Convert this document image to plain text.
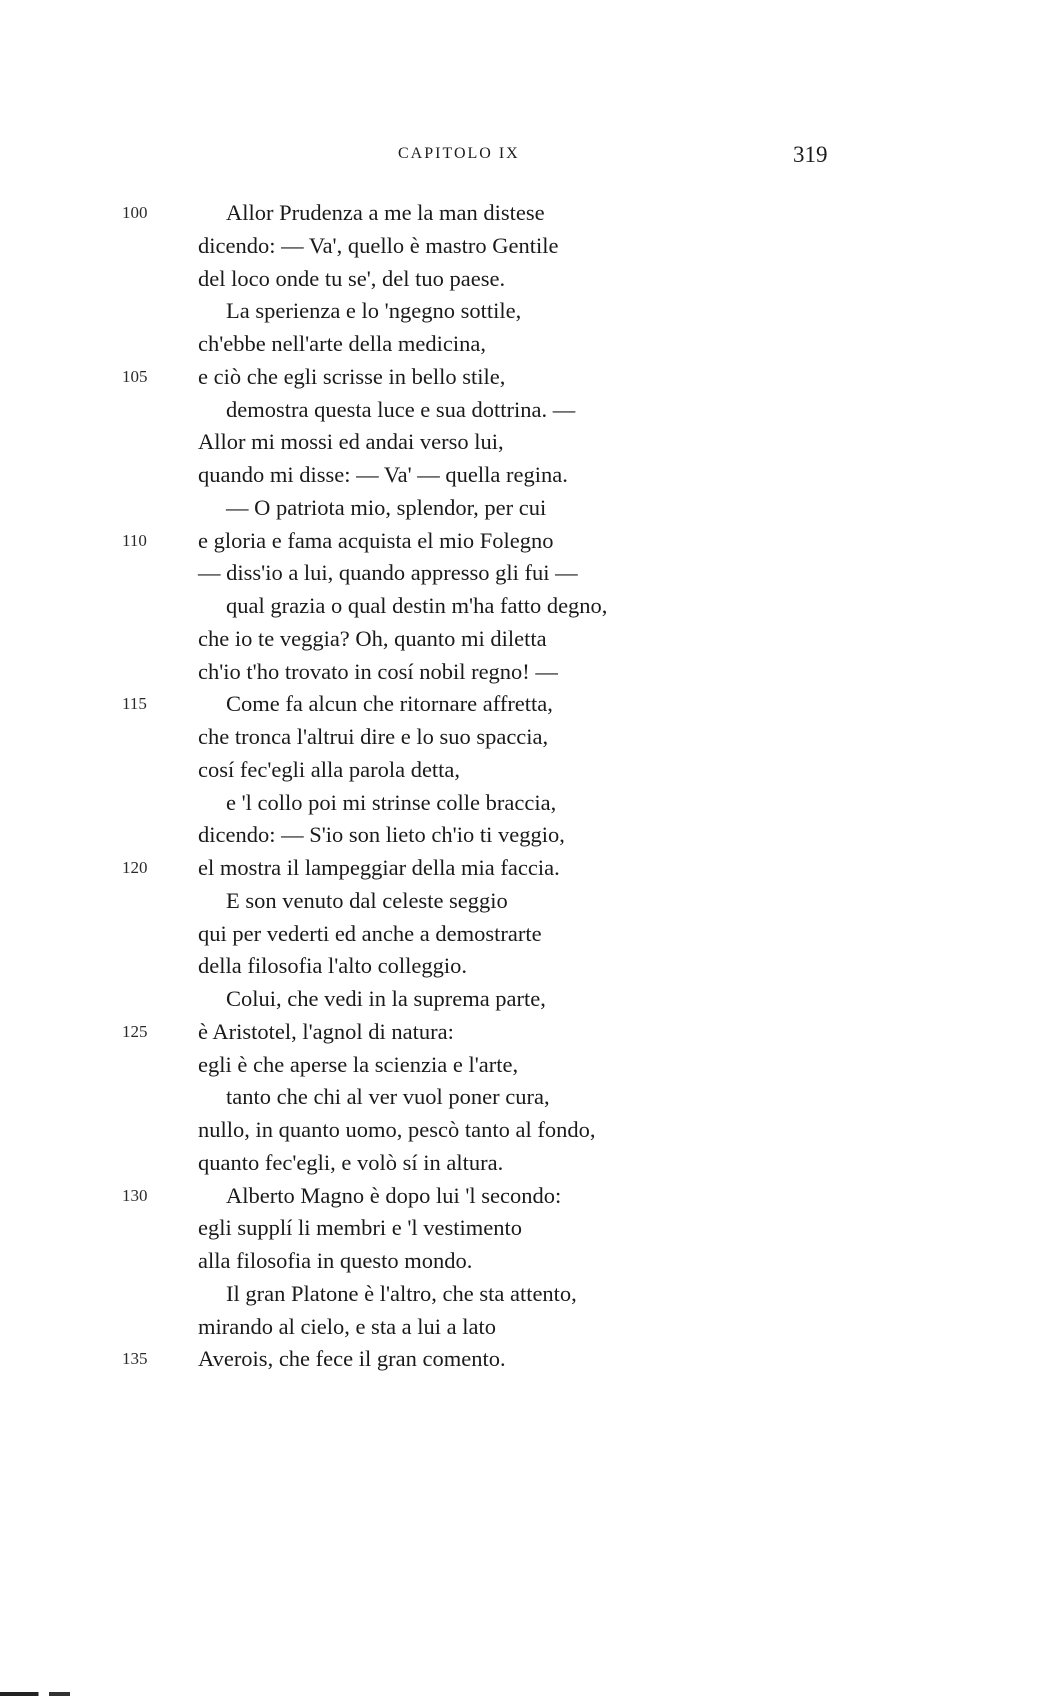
CAPITOLO IX	319
100	Allor Prudenza a me la man distese
dicendo: — Va', quello è mastro Gentile
del loco onde tu se', del tuo paese.
La sperienza e lo 'ngegno sottile,
ch'ebbe nell'arte della medicina,
105 e ciò che egli scrisse in bello stile,
demostra questa luce e sua dottrina. —
Allor mi mossi ed andai verso lui,
quando mi disse: — Va' — quella regina.
— O patriota mio, splendor, per cui
110 e gloria e fama acquista el mio Folegno
— diss'io a lui, quando appresso gli fui —
qual grazia o qual destin m'ha fatto degno,
che io te veggia? Oh, quanto mi diletta
ch'io t'ho trovato in cosí nobil regno! —
115	Come fa alcun che ritornare affretta,
che tronca l'altrui dire e lo suo spaccia,
cosí fec'egli alla parola detta,
e 'l collo poi mi strinse colle braccia,
dicendo: — S'io son lieto ch'io ti veggio,
120 el mostra il lampeggiar della mia faccia.
E son venuto dal celeste seggio
qui per vederti ed anche a demostrarte
della filosofia l'alto colleggio.
Colui, che vedi in la suprema parte,
125 è Aristotel, l'agnol di natura:
egli è che aperse la scienzia e l'arte,
tanto che chi al ver vuol poner cura,
nullo, in quanto uomo, pescò tanto al fondo,
quanto fec'egli, e volò sí in altura.
130	Alberto Magno è dopo lui 'l secondo:
egli supplí li membri e 'l vestimento
alla filosofia in questo mondo.
Il gran Platone è l'altro, che sta attento,
mirando al cielo, e sta a lui a lato
135 Averois, che fece il gran comento.
